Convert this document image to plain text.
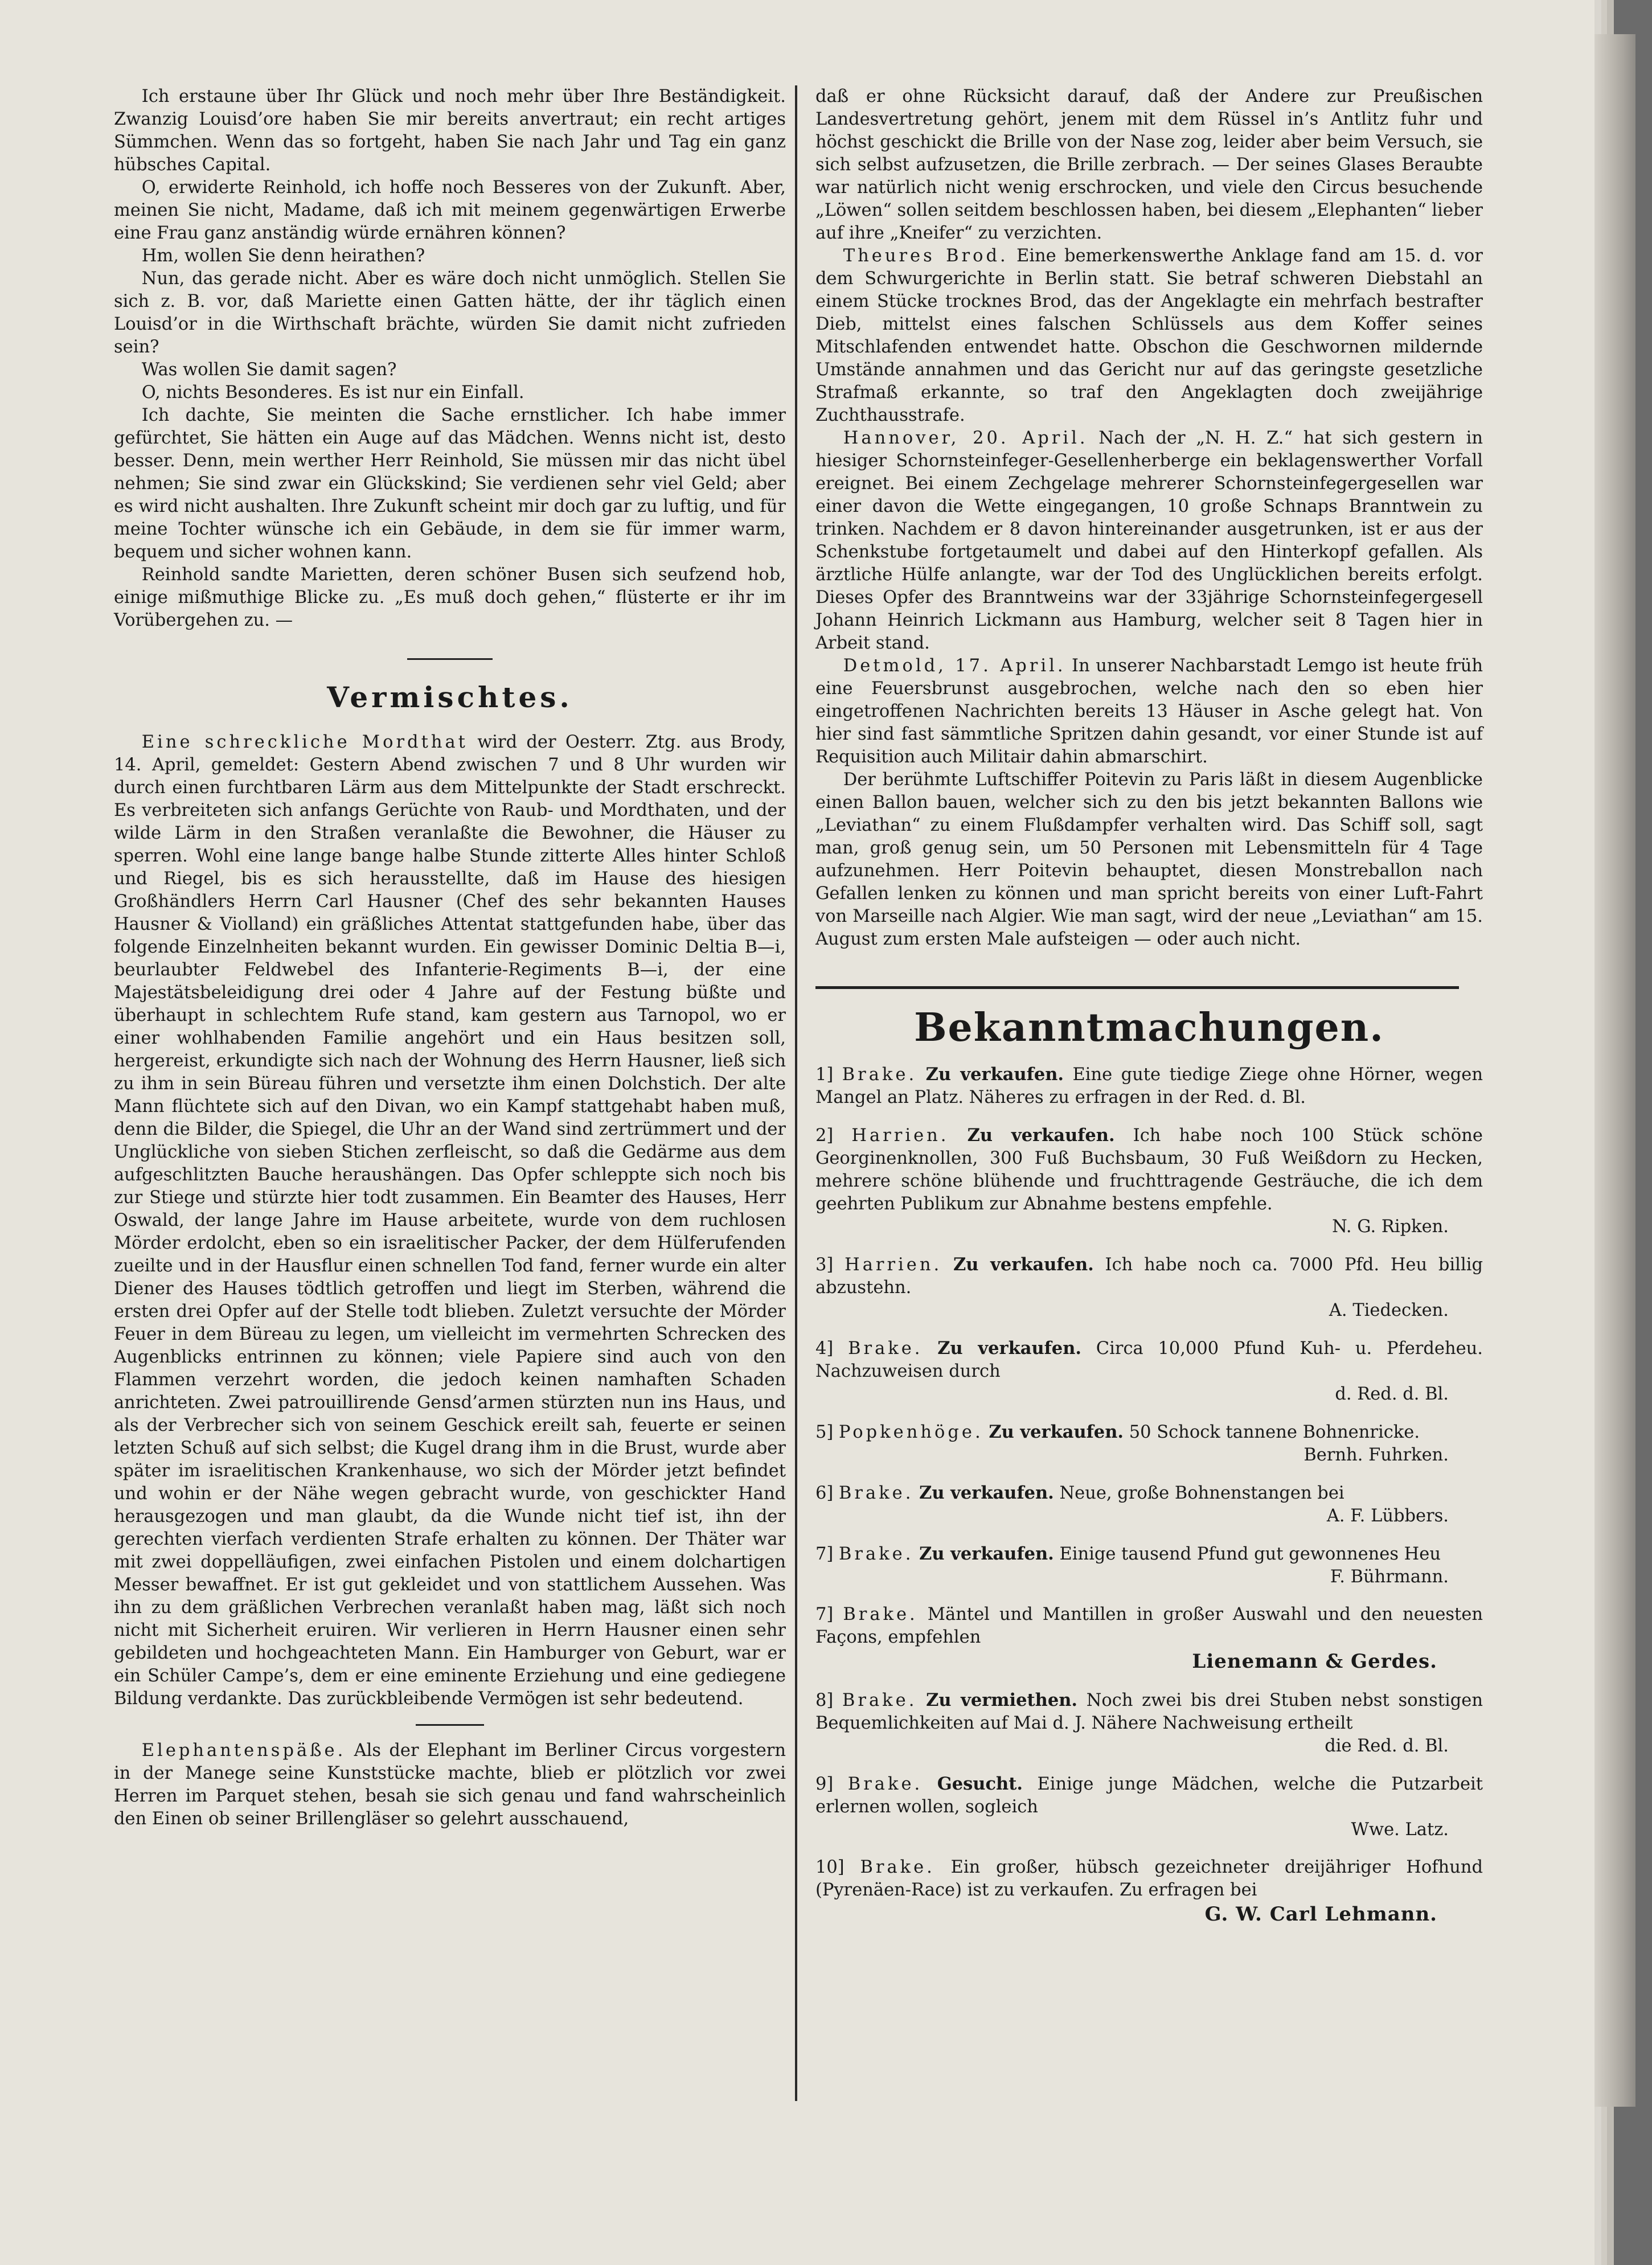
Ich erstaune über Ihr Glück und noch mehr über Ihre Beständigkeit. Zwanzig Louisd’ore haben Sie mir bereits anvertraut; ein recht artiges Sümmchen. Wenn das so fortgeht, haben Sie nach Jahr und Tag ein ganz hübsches Capital.

O, erwiderte Reinhold, ich hoffe noch Besseres von der Zukunft. Aber, meinen Sie nicht, Madame, daß ich mit meinem gegenwärtigen Erwerbe eine Frau ganz anständig würde ernähren können?

Hm, wollen Sie denn heirathen?

Nun, das gerade nicht. Aber es wäre doch nicht unmöglich. Stellen Sie sich z. B. vor, daß Mariette einen Gatten hätte, der ihr täglich einen Louisd’or in die Wirthschaft brächte, würden Sie damit nicht zufrieden sein?

Was wollen Sie damit sagen?

O, nichts Besonderes. Es ist nur ein Einfall.

Ich dachte, Sie meinten die Sache ernstlicher. Ich habe immer gefürchtet, Sie hätten ein Auge auf das Mädchen. Wenns nicht ist, desto besser. Denn, mein werther Herr Reinhold, Sie müssen mir das nicht übel nehmen; Sie sind zwar ein Glückskind; Sie verdienen sehr viel Geld; aber es wird nicht aushalten. Ihre Zukunft scheint mir doch gar zu luftig, und für meine Tochter wünsche ich ein Gebäude, in dem sie für immer warm, bequem und sicher wohnen kann.

Reinhold sandte Marietten, deren schöner Busen sich seufzend hob, einige mißmuthige Blicke zu. „Es muß doch gehen,“ flüsterte er ihr im Vorübergehen zu. —

Vermischtes.

Eine schreckliche Mordthat wird der Oesterr. Ztg. aus Brody, 14. April, gemeldet: Gestern Abend zwischen 7 und 8 Uhr wurden wir durch einen furchtbaren Lärm aus dem Mittelpunkte der Stadt erschreckt. Es verbreiteten sich anfangs Gerüchte von Raub- und Mordthaten, und der wilde Lärm in den Straßen veranlaßte die Bewohner, die Häuser zu sperren. Wohl eine lange bange halbe Stunde zitterte Alles hinter Schloß und Riegel, bis es sich herausstellte, daß im Hause des hiesigen Großhändlers Herrn Carl Hausner (Chef des sehr bekannten Hauses Hausner & Violland) ein gräßliches Attentat stattgefunden habe, über das folgende Einzelnheiten bekannt wurden. Ein gewisser Dominic Deltia B—i, beurlaubter Feldwebel des Infanterie-Regiments B—i, der eine Majestätsbeleidigung drei oder 4 Jahre auf der Festung büßte und überhaupt in schlechtem Rufe stand, kam gestern aus Tarnopol, wo er einer wohlhabenden Familie angehört und ein Haus besitzen soll, hergereist, erkundigte sich nach der Wohnung des Herrn Hausner, ließ sich zu ihm in sein Büreau führen und versetzte ihm einen Dolchstich. Der alte Mann flüchtete sich auf den Divan, wo ein Kampf stattgehabt haben muß, denn die Bilder, die Spiegel, die Uhr an der Wand sind zertrümmert und der Unglückliche von sieben Stichen zerfleischt, so daß die Gedärme aus dem aufgeschlitzten Bauche heraushängen. Das Opfer schleppte sich noch bis zur Stiege und stürzte hier todt zusammen. Ein Beamter des Hauses, Herr Oswald, der lange Jahre im Hause arbeitete, wurde von dem ruchlosen Mörder erdolcht, eben so ein israelitischer Packer, der dem Hülferufenden zueilte und in der Hausflur einen schnellen Tod fand, ferner wurde ein alter Diener des Hauses tödtlich getroffen und liegt im Sterben, während die ersten drei Opfer auf der Stelle todt blieben. Zuletzt versuchte der Mörder Feuer in dem Büreau zu legen, um vielleicht im vermehrten Schrecken des Augenblicks entrinnen zu können; viele Papiere sind auch von den Flammen verzehrt worden, die jedoch keinen namhaften Schaden anrichteten. Zwei patrouillirende Gensd’armen stürzten nun ins Haus, und als der Verbrecher sich von seinem Geschick ereilt sah, feuerte er seinen letzten Schuß auf sich selbst; die Kugel drang ihm in die Brust, wurde aber später im israelitischen Krankenhause, wo sich der Mörder jetzt befindet und wohin er der Nähe wegen gebracht wurde, von geschickter Hand herausgezogen und man glaubt, da die Wunde nicht tief ist, ihn der gerechten vierfach verdienten Strafe erhalten zu können. Der Thäter war mit zwei doppelläufigen, zwei einfachen Pistolen und einem dolchartigen Messer bewaffnet. Er ist gut gekleidet und von stattlichem Aussehen. Was ihn zu dem gräßlichen Verbrechen veranlaßt haben mag, läßt sich noch nicht mit Sicherheit eruiren. Wir verlieren in Herrn Hausner einen sehr gebildeten und hochgeachteten Mann. Ein Hamburger von Geburt, war er ein Schüler Campe’s, dem er eine eminente Erziehung und eine gediegene Bildung verdankte. Das zurückbleibende Vermögen ist sehr bedeutend.

Elephantenspäße. Als der Elephant im Berliner Circus vorgestern in der Manege seine Kunststücke machte, blieb er plötzlich vor zwei Herren im Parquet stehen, besah sie sich genau und fand wahrscheinlich den Einen ob seiner Brillengläser so gelehrt ausschauend,

daß er ohne Rücksicht darauf, daß der Andere zur Preußischen Landesvertretung gehört, jenem mit dem Rüssel in’s Antlitz fuhr und höchst geschickt die Brille von der Nase zog, leider aber beim Versuch, sie sich selbst aufzusetzen, die Brille zerbrach. — Der seines Glases Beraubte war natürlich nicht wenig erschrocken, und viele den Circus besuchende „Löwen“ sollen seitdem beschlossen haben, bei diesem „Elephanten“ lieber auf ihre „Kneifer“ zu verzichten.

Theures Brod. Eine bemerkenswerthe Anklage fand am 15. d. vor dem Schwurgerichte in Berlin statt. Sie betraf schweren Diebstahl an einem Stücke trocknes Brod, das der Angeklagte ein mehrfach bestrafter Dieb, mittelst eines falschen Schlüssels aus dem Koffer seines Mitschlafenden entwendet hatte. Obschon die Geschwornen mildernde Umstände annahmen und das Gericht nur auf das geringste gesetzliche Strafmaß erkannte, so traf den Angeklagten doch zweijährige Zuchthausstrafe.

Hannover, 20. April. Nach der „N. H. Z.“ hat sich gestern in hiesiger Schornsteinfeger-Gesellenherberge ein beklagenswerther Vorfall ereignet. Bei einem Zechgelage mehrerer Schornsteinfegergesellen war einer davon die Wette eingegangen, 10 große Schnaps Branntwein zu trinken. Nachdem er 8 davon hintereinander ausgetrunken, ist er aus der Schenkstube fortgetaumelt und dabei auf den Hinterkopf gefallen. Als ärztliche Hülfe anlangte, war der Tod des Unglücklichen bereits erfolgt. Dieses Opfer des Branntweins war der 33jährige Schornsteinfegergesell Johann Heinrich Lickmann aus Hamburg, welcher seit 8 Tagen hier in Arbeit stand.

Detmold, 17. April. In unserer Nachbarstadt Lemgo ist heute früh eine Feuersbrunst ausgebrochen, welche nach den so eben hier eingetroffenen Nachrichten bereits 13 Häuser in Asche gelegt hat. Von hier sind fast sämmtliche Spritzen dahin gesandt, vor einer Stunde ist auf Requisition auch Militair dahin abmarschirt.

Der berühmte Luftschiffer Poitevin zu Paris läßt in diesem Augenblicke einen Ballon bauen, welcher sich zu den bis jetzt bekannten Ballons wie „Leviathan“ zu einem Flußdampfer verhalten wird. Das Schiff soll, sagt man, groß genug sein, um 50 Personen mit Lebensmitteln für 4 Tage aufzunehmen. Herr Poitevin behauptet, diesen Monstreballon nach Gefallen lenken zu können und man spricht bereits von einer Luft-Fahrt von Marseille nach Algier. Wie man sagt, wird der neue „Leviathan“ am 15. August zum ersten Male aufsteigen — oder auch nicht.

Bekanntmachungen.

1] Brake. Zu verkaufen. Eine gute tiedige Ziege ohne Hörner, wegen Mangel an Platz. Näheres zu erfragen in der Red. d. Bl.

2] Harrien. Zu verkaufen. Ich habe noch 100 Stück schöne Georginenknollen, 300 Fuß Buchsbaum, 30 Fuß Weißdorn zu Hecken, mehrere schöne blühende und fruchttragende Gesträuche, die ich dem geehrten Publikum zur Abnahme bestens empfehle.

N. G. Ripken.

3] Harrien. Zu verkaufen. Ich habe noch ca. 7000 Pfd. Heu billig abzustehn.

A. Tiedecken.

4] Brake. Zu verkaufen. Circa 10,000 Pfund Kuh- u. Pferdeheu. Nachzuweisen durch

d. Red. d. Bl.

5] Popkenhöge. Zu verkaufen. 50 Schock tannene Bohnenricke.

Bernh. Fuhrken.

6] Brake. Zu verkaufen. Neue, große Bohnenstangen bei

A. F. Lübbers.

7] Brake. Zu verkaufen. Einige tausend Pfund gut gewonnenes Heu

F. Bührmann.

7] Brake. Mäntel und Mantillen in großer Auswahl und den neuesten Façons, empfehlen

Lienemann & Gerdes.

8] Brake. Zu vermiethen. Noch zwei bis drei Stuben nebst sonstigen Bequemlichkeiten auf Mai d. J. Nähere Nachweisung ertheilt

die Red. d. Bl.

9] Brake. Gesucht. Einige junge Mädchen, welche die Putzarbeit erlernen wollen, sogleich

Wwe. Latz.

10] Brake. Ein großer, hübsch gezeichneter dreijähriger Hofhund (Pyrenäen-Race) ist zu verkaufen. Zu erfragen bei

G. W. Carl Lehmann.
